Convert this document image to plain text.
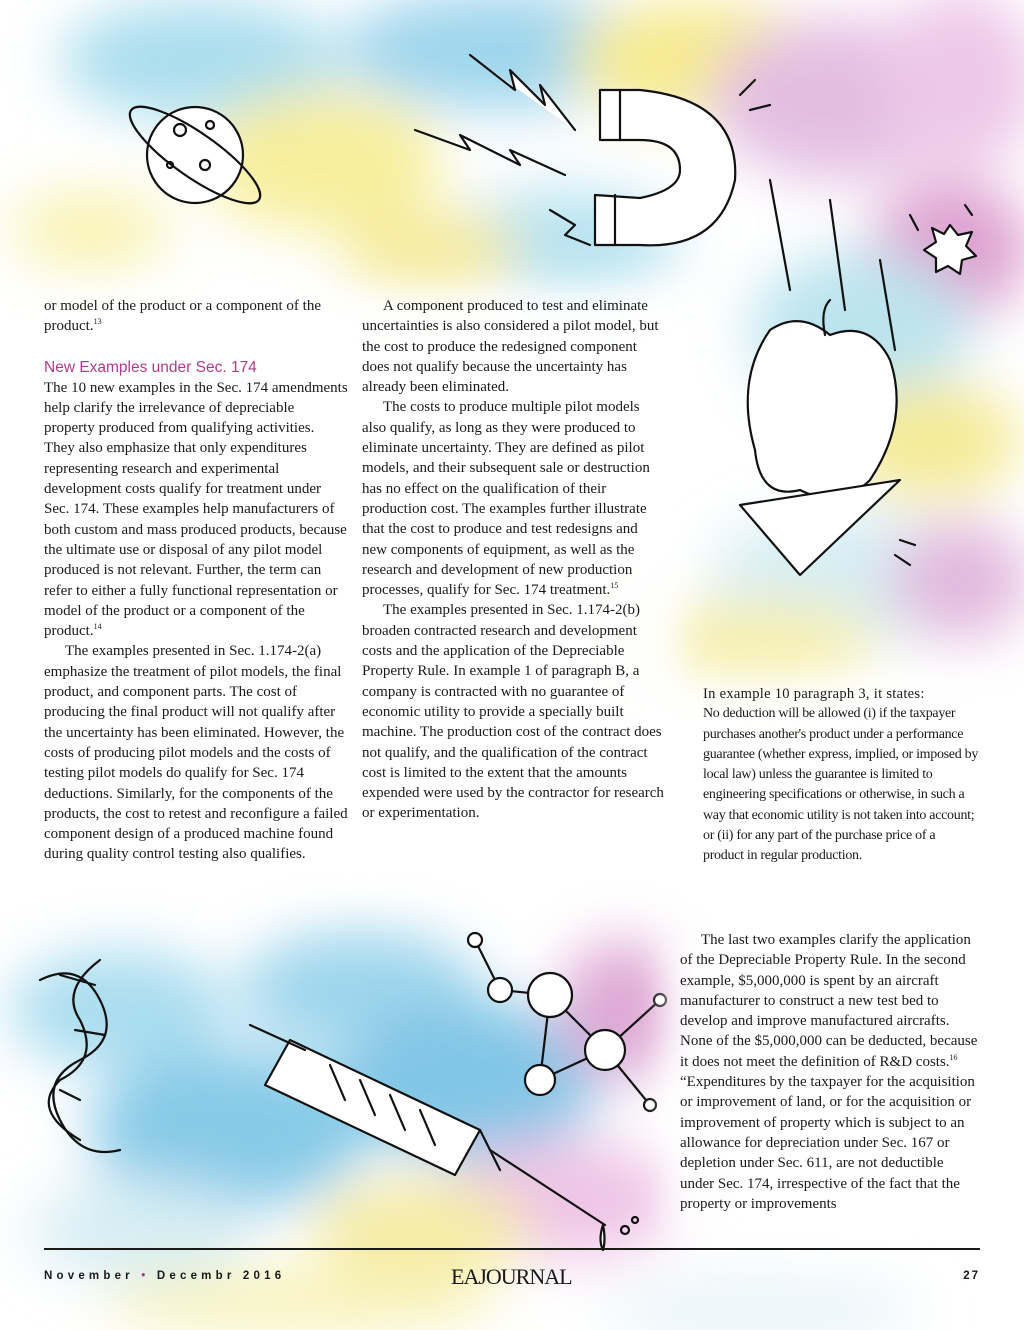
or model of the product or a component of the product.$^{13}$

New Examples under Sec. 174

The 10 new examples in the Sec. 174 amendments help clarify the irrelevance of depreciable property produced from qualifying activities. They also emphasize that only expenditures representing research and experimental development costs qualify for treatment under Sec. 174. These examples help manufacturers of both custom and mass produced products, because the ultimate use or disposal of any pilot model produced is not relevant. Further, the term can refer to either a fully functional representation or model of the product or a component of the product.$^{14}$

The examples presented in Sec. 1.174-2(a) emphasize the treatment of pilot models, the final product, and component parts. The cost of producing the final product will not qualify after the uncertainty has been eliminated. However, the costs of producing pilot models and the costs of testing pilot models do qualify for Sec. 174 deductions. Similarly, for the components of the products, the cost to retest and reconfigure a failed component design of a produced machine found during quality control testing also qualifies.

A component produced to test and eliminate uncertainties is also considered a pilot model, but the cost to produce the redesigned component does not qualify because the uncertainty has already been eliminated.

The costs to produce multiple pilot models also qualify, as long as they were produced to eliminate uncertainty. They are defined as pilot models, and their subsequent sale or destruction has no effect on the qualification of their production cost. The examples further illustrate that the cost to produce and test redesigns and new components of equipment, as well as the research and development of new production processes, qualify for Sec. 174 treatment.$^{15}$

The examples presented in Sec. 1.174-2(b) broaden contracted research and development costs and the application of the Depreciable Property Rule. In example 1 of paragraph B, a company is contracted with no guarantee of economic utility to provide a specially built machine. The production cost of the contract does not qualify, and the qualification of the contract cost is limited to the extent that the amounts expended were used by the contractor for research or experimentation.

In example 10 paragraph 3, it states:

No deduction will be allowed (i) if the taxpayer purchases another's product under a performance guarantee (whether express, implied, or imposed by local law) unless the guarantee is limited to engineering specifications or otherwise, in such a way that economic utility is not taken into account; or (ii) for any part of the purchase price of a product in regular production.

The last two examples clarify the application of the Depreciable Property Rule. In the second example, $5,000,000 is spent by an aircraft manufacturer to construct a new test bed to develop and improve manufactured aircrafts. None of the $5,000,000 can be deducted, because it does not meet the definition of R&D costs.$^{16}$ “Expenditures by the taxpayer for the acquisition or improvement of land, or for the acquisition or improvement of property which is subject to an allowance for depreciation under Sec. 167 or depletion under Sec. 611, are not deductible under Sec. 174, irrespective of the fact that the property or improvements

November • Decembr 2016	EAJOURNAL	27
